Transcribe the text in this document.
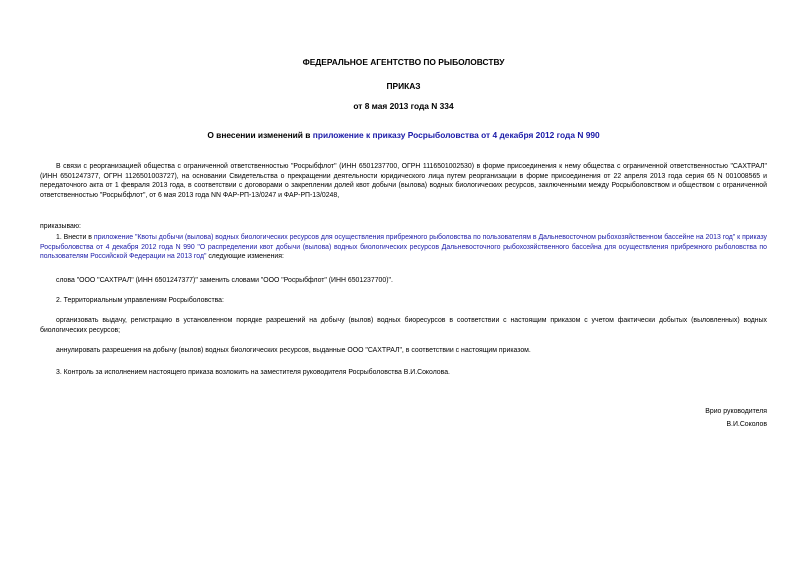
ФЕДЕРАЛЬНОЕ АГЕНТСТВО ПО РЫБОЛОВСТВУ
ПРИКАЗ
от 8 мая 2013 года N 334
О внесении изменений в приложение к приказу Росрыболовства от 4 декабря 2012 года N 990
В связи с реорганизацией общества с ограниченной ответственностью "Росрыбфлот" (ИНН 6501237700, ОГРН 1116501002530) в форме присоединения к нему общества с ограниченной ответственностью "САХТРАЛ" (ИНН 6501247377, ОГРН 1126501003727), на основании Свидетельства о прекращении деятельности юридического лица путем реорганизации в форме присоединения от 22 апреля 2013 года серия 65 N 001008565 и передаточного акта от 1 февраля 2013 года, в соответствии с договорами о закреплении долей квот добычи (вылова) водных биологических ресурсов, заключенными между Росрыболовством и обществом с ограниченной ответственностью "Росрыбфлот", от 6 мая 2013 года NN ФАР-РП-13/0247 и ФАР-РП-13/0248,
приказываю:
1. Внести в приложение "Квоты добычи (вылова) водных биологических ресурсов для осуществления прибрежного рыболовства по пользователям в Дальневосточном рыбохозяйственном бассейне на 2013 год" к приказу Росрыболовства от 4 декабря 2012 года N 990 "О распределении квот добычи (вылова) водных биологических ресурсов Дальневосточного рыбохозяйственного бассейна для осуществления прибрежного рыболовства по пользователям Российской Федерации на 2013 год" следующие изменения:
слова "ООО "САХТРАЛ" (ИНН 6501247377)" заменить словами "ООО "Росрыбфлот" (ИНН 6501237700)".
2. Территориальным управлениям Росрыболовства:
организовать выдачу, регистрацию в установленном порядке разрешений на добычу (вылов) водных биоресурсов в соответствии с настоящим приказом с учетом фактически добытых (выловленных) водных биологических ресурсов;
аннулировать разрешения на добычу (вылов) водных биологических ресурсов, выданные ООО "САХТРАЛ", в соответствии с настоящим приказом.
3. Контроль за исполнением настоящего приказа возложить на заместителя руководителя Росрыболовства В.И.Соколова.
Врио руководителя
В.И.Соколов
